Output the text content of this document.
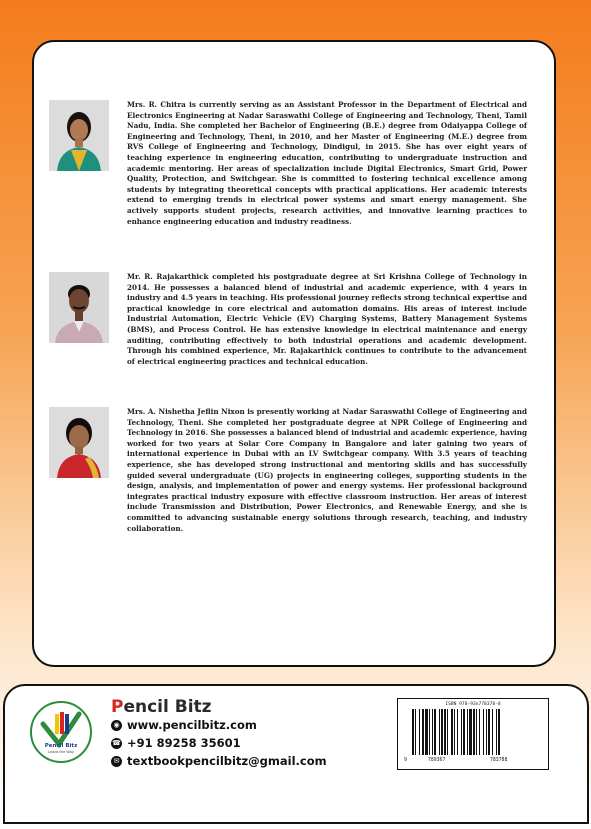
Mrs. R. Chitra is currently serving as an Assistant Professor in the Department of Electrical and Electronics Engineering at Nadar Saraswathi College of Engineering and Technology, Theni, Tamil Nadu, India. She completed her Bachelor of Engineering (B.E.) degree from Odaiyappa College of Engineering and Technology, Theni, in 2010, and her Master of Engineering (M.E.) degree from RVS College of Engineering and Technology, Dindigul, in 2015. She has over eight years of teaching experience in engineering education, contributing to undergraduate instruction and academic mentoring. Her areas of specialization include Digital Electronics, Smart Grid, Power Quality, Protection, and Switchgear. She is committed to fostering technical excellence among students by integrating theoretical concepts with practical applications. Her academic interests extend to emerging trends in electrical power systems and smart energy management. She actively supports student projects, research activities, and innovative learning practices to enhance engineering education and industry readiness.

Mr. R. Rajakarthick completed his postgraduate degree at Sri Krishna College of Technology in 2014. He possesses a balanced blend of industrial and academic experience, with 4 years in industry and 4.5 years in teaching. His professional journey reflects strong technical expertise and practical knowledge in core electrical and automation domains. His areas of interest include Industrial Automation, Electric Vehicle (EV) Charging Systems, Battery Management Systems (BMS), and Process Control. He has extensive knowledge in electrical maintenance and energy auditing, contributing effectively to both industrial operations and academic development. Through his combined experience, Mr. Rajakarthick continues to contribute to the advancement of electrical engineering practices and technical education.

Mrs. A. Nishetha Jeflin Nixon is presently working at Nadar Saraswathi College of Engineering and Technology, Theni. She completed her postgraduate degree at NPR College of Engineering and Technology in 2016. She possesses a balanced blend of industrial and academic experience, having worked for two years at Solar Core Company in Bangalore and later gaining two years of international experience in Dubai with an LV Switchgear company. With 3.5 years of teaching experience, she has developed strong instructional and mentoring skills and has successfully guided several undergraduate (UG) projects in engineering colleges, supporting students in the design, analysis, and implementation of power and energy systems. Her professional background integrates practical industry exposure with effective classroom instruction. Her areas of interest include Transmission and Distribution, Power Electronics, and Renewable Energy, and she is committed to advancing sustainable energy solutions through research, teaching, and industry collaboration.

Pencil Bitz
Leads the Way
Pencil Bitz
◉ www.pencilbitz.com
☎ +91 89258 35601
✉ textbookpencilbitz@gmail.com
ISBN 978-93n778378-8
9	789367	783788
